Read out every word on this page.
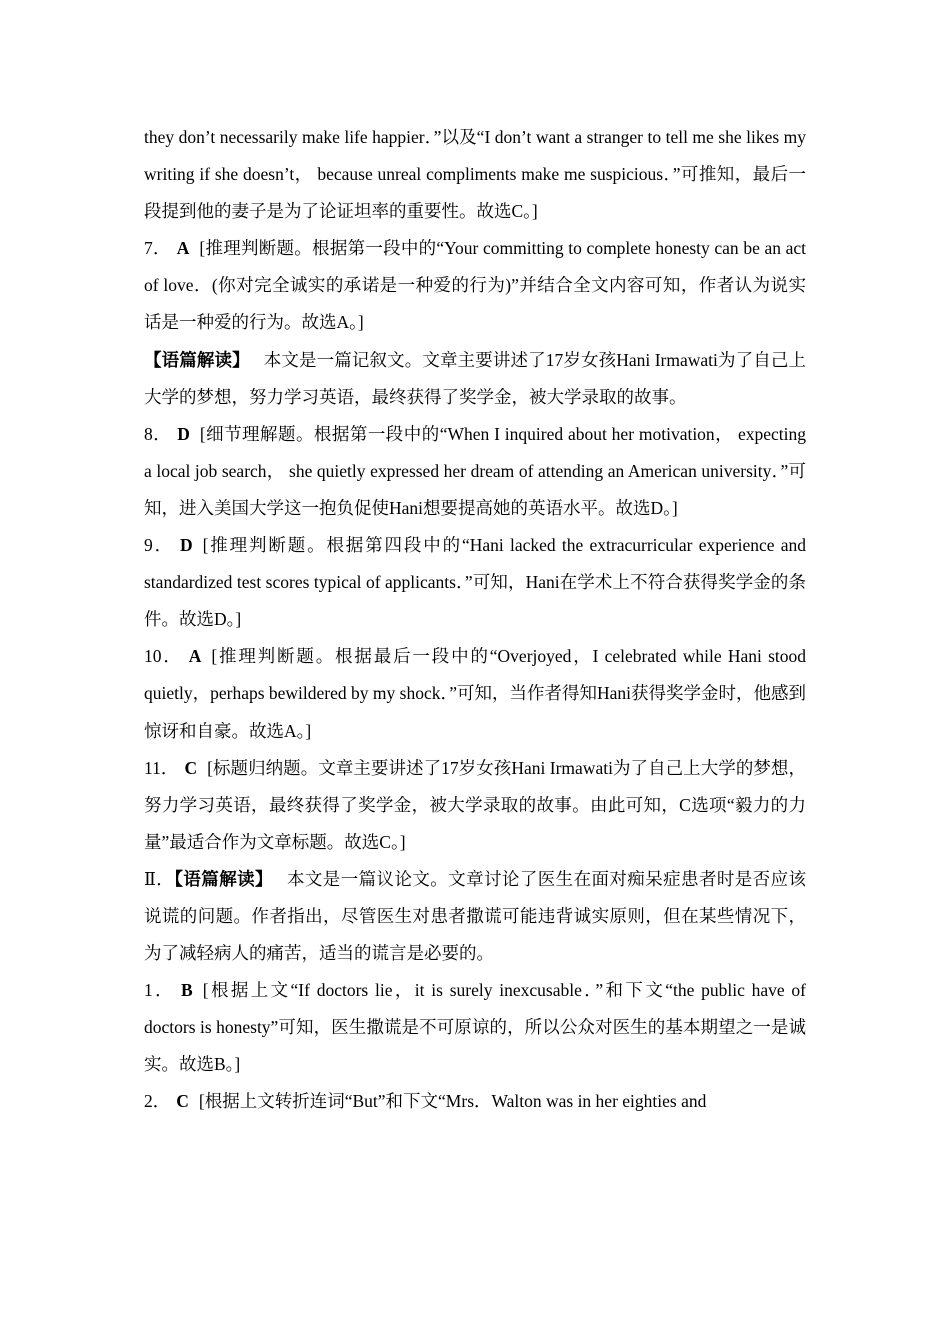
they don’t necessarily make life happier．”以及“I don’t want a stranger to tell me she likes my writing if she doesn’t， because unreal compliments make me suspicious．”可推知，最后一段提到他的妻子是为了论证坦率的重要性。故选C。]

7． A [推理判断题。根据第一段中的“Your committing to complete honesty can be an act of love．(你对完全诚实的承诺是一种爱的行为)”并结合全文内容可知，作者认为说实话是一种爱的行为。故选A。]

【语篇解读】 本文是一篇记叙文。文章主要讲述了17岁女孩Hani Irmawati为了自己上大学的梦想，努力学习英语，最终获得了奖学金，被大学录取的故事。

8． D [细节理解题。根据第一段中的“When I inquired about her motivation， expecting a local job search， she quietly expressed her dream of attending an American university．”可知，进入美国大学这一抱负促使Hani想要提高她的英语水平。故选D。]

9． D [推理判断题。根据第四段中的“Hani lacked the extracurricular experience and standardized test scores typical of applicants．”可知，Hani在学术上不符合获得奖学金的条件。故选D。]

10． A [推理判断题。根据最后一段中的“Overjoyed，I celebrated while Hani stood quietly，perhaps bewildered by my shock．”可知，当作者得知Hani获得奖学金时，他感到惊讶和自豪。故选A。]

11． C [标题归纳题。文章主要讲述了17岁女孩Hani Irmawati为了自己上大学的梦想，努力学习英语，最终获得了奖学金，被大学录取的故事。由此可知，C选项“毅力的力量”最适合作为文章标题。故选C。]

Ⅱ．【语篇解读】 本文是一篇议论文。文章讨论了医生在面对痴呆症患者时是否应该说谎的问题。作者指出，尽管医生对患者撒谎可能违背诚实原则，但在某些情况下，为了减轻病人的痛苦，适当的谎言是必要的。

1． B [根据上文“If doctors lie，it is surely inexcusable．”和下文“the public have of doctors is honesty”可知，医生撒谎是不可原谅的，所以公众对医生的基本期望之一是诚实。故选B。]

2． C [根据上文转折连词“But”和下文“Mrs．Walton was in her eighties and
